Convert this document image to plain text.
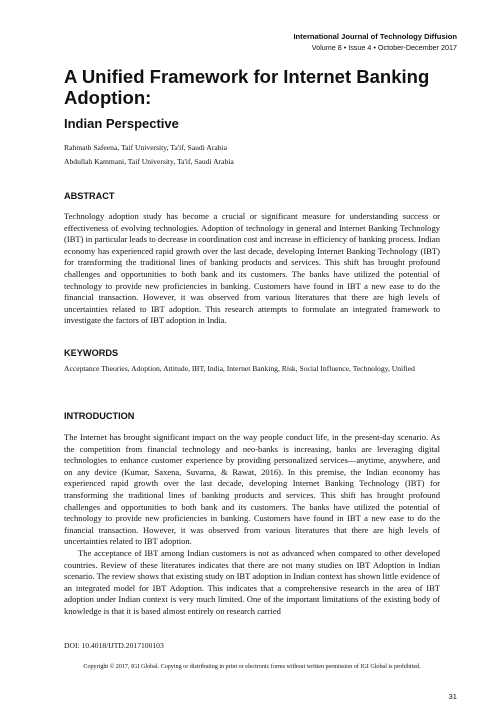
International Journal of Technology Diffusion
Volume 8 • Issue 4 • October-December 2017
A Unified Framework for Internet Banking Adoption:
Indian Perspective
Rahmath Safeena, Taif University, Ta'if, Saudi Arabia
Abdullah Kammani, Taif University, Ta'if, Saudi Arabia
ABSTRACT

Technology adoption study has become a crucial or significant measure for understanding success or effectiveness of evolving technologies. Adoption of technology in general and Internet Banking Technology (IBT) in particular leads to decrease in coordination cost and increase in efficiency of banking process. Indian economy has experienced rapid growth over the last decade, developing Internet Banking Technology (IBT) for transforming the traditional lines of banking products and services. This shift has brought profound challenges and opportunities to both bank and its customers. The banks have utilized the potential of technology to provide new proficiencies in banking. Customers have found in IBT a new ease to do the financial transaction. However, it was observed from various literatures that there are high levels of uncertainties related to IBT adoption. This research attempts to formulate an integrated framework to investigate the factors of IBT adoption in India.

KEYWORDS

Acceptance Theories, Adoption, Attitude, IBT, India, Internet Banking, Risk, Social Influence, Technology, Unified

INTRODUCTION

The Internet has brought significant impact on the way people conduct life, in the present-day scenario. As the competition from financial technology and neo-banks is increasing, banks are leveraging digital technologies to enhance customer experience by providing personalized services—anytime, anywhere, and on any device (Kumar, Saxena, Suvarna, & Rawat, 2016). In this premise, the Indian economy has experienced rapid growth over the last decade, developing Internet Banking Technology (IBT) for transforming the traditional lines of banking products and services. This shift has brought profound challenges and opportunities to both bank and its customers. The banks have utilized the potential of technology to provide new proficiencies in banking. Customers have found in IBT a new ease to do the financial transaction. However, it was observed from various literatures that there are high levels of uncertainties related to IBT adoption.

The acceptance of IBT among Indian customers is not as advanced when compared to other developed countries. Review of these literatures indicates that there are not many studies on IBT Adoption in Indian scenario. The review shows that existing study on IBT adoption in Indian context has shown little evidence of an integrated model for IBT Adoption. This indicates that a comprehensive research in the area of IBT adoption under Indian context is very much limited. One of the important limitations of the existing body of knowledge is that it is based almost entirely on research carried

DOI: 10.4018/IJTD.2017100103
Copyright © 2017, IGI Global. Copying or distributing in print or electronic forms without written permission of IGI Global is prohibited.
31
